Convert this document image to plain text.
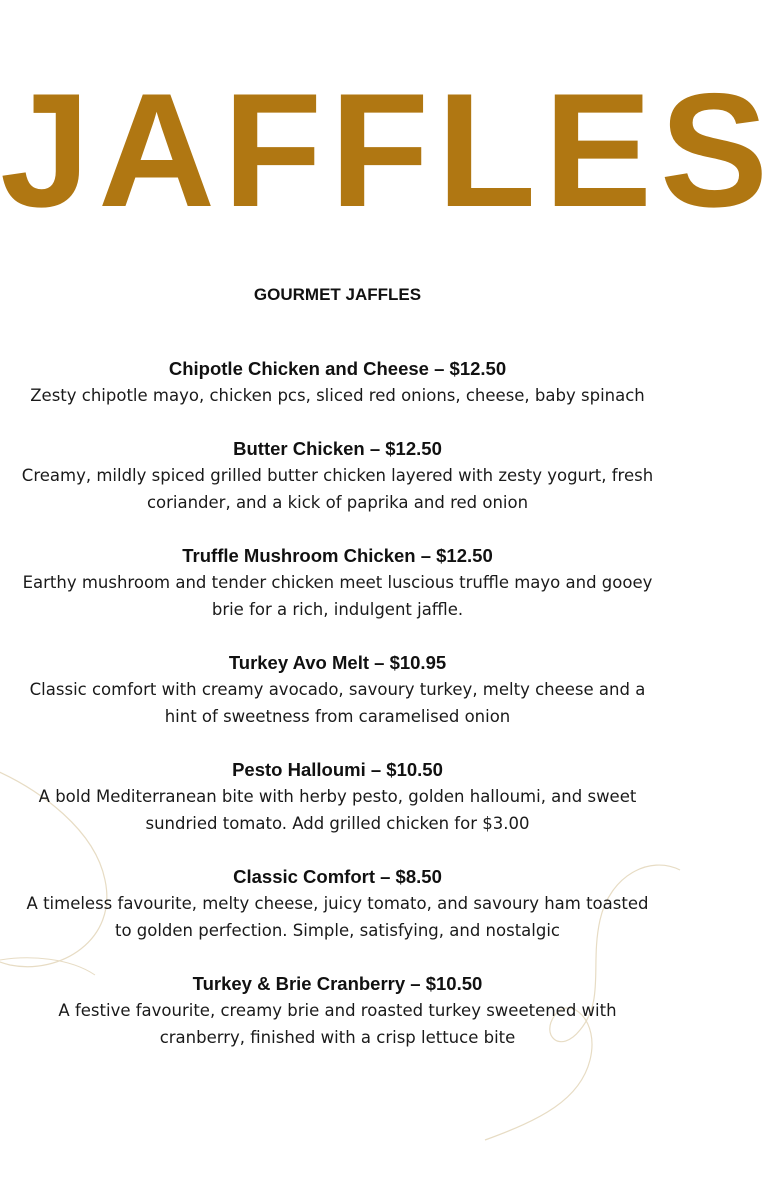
JAFFLES
GOURMET JAFFLES
Chipotle Chicken and Cheese – $12.50
Zesty chipotle mayo, chicken pcs, sliced red onions, cheese, baby spinach
Butter Chicken – $12.50
Creamy, mildly spiced grilled butter chicken layered with zesty yogurt, fresh coriander, and a kick of paprika and red onion
Truffle Mushroom Chicken – $12.50
Earthy mushroom and tender chicken meet luscious truffle mayo and gooey brie for a rich, indulgent jaffle.
Turkey Avo Melt – $10.95
Classic comfort with creamy avocado, savoury turkey, melty cheese and a hint of sweetness from caramelised onion
Pesto Halloumi – $10.50
A bold Mediterranean bite with herby pesto, golden halloumi, and sweet sundried tomato. Add grilled chicken for $3.00
Classic Comfort – $8.50
A timeless favourite, melty cheese, juicy tomato, and savoury ham toasted to golden perfection. Simple, satisfying, and nostalgic
Turkey & Brie Cranberry – $10.50
A festive favourite, creamy brie and roasted turkey sweetened with cranberry, finished with a crisp lettuce bite
